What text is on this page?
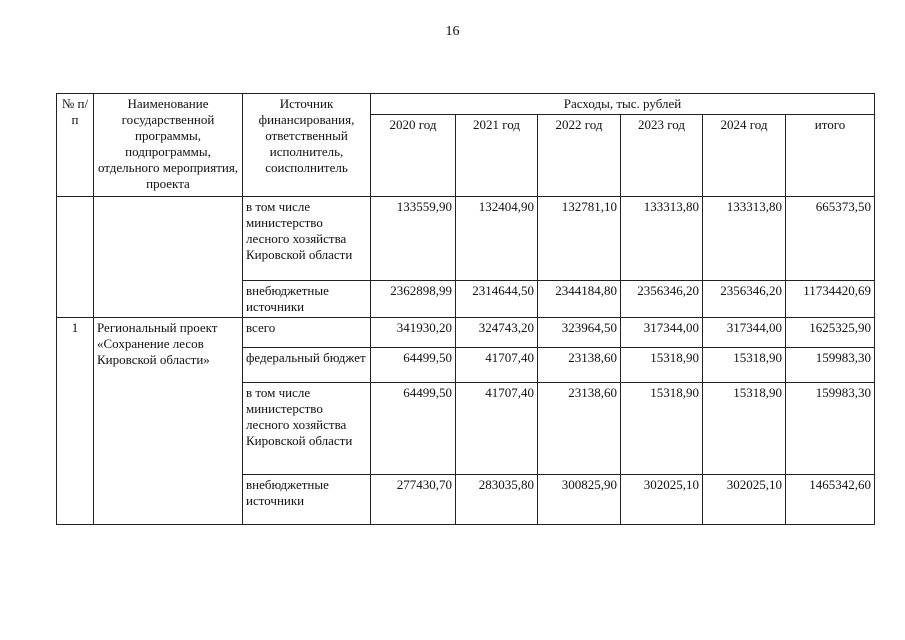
16
№ п/п	Наименование государственной программы, подпрограммы, отдельного мероприятия, проекта	Источник финансирования, ответственный исполнитель, соисполнитель	Расходы, тыс. рублей					
			2020 год	2021 год	2022 год	2023 год	2024 год	итого
		в том числе министерство лесного хозяйства Кировской области	133559,90	132404,90	132781,10	133313,80	133313,80	665373,50
		внебюджетные источники	2362898,99	2314644,50	2344184,80	2356346,20	2356346,20	11734420,69
1	Региональный проект «Сохранение лесов Кировской области»	всего	341930,20	324743,20	323964,50	317344,00	317344,00	1625325,90
		федеральный бюджет	64499,50	41707,40	23138,60	15318,90	15318,90	159983,30
		в том числе министерство лесного хозяйства Кировской области	64499,50	41707,40	23138,60	15318,90	15318,90	159983,30
		внебюджетные источники	277430,70	283035,80	300825,90	302025,10	302025,10	1465342,60
